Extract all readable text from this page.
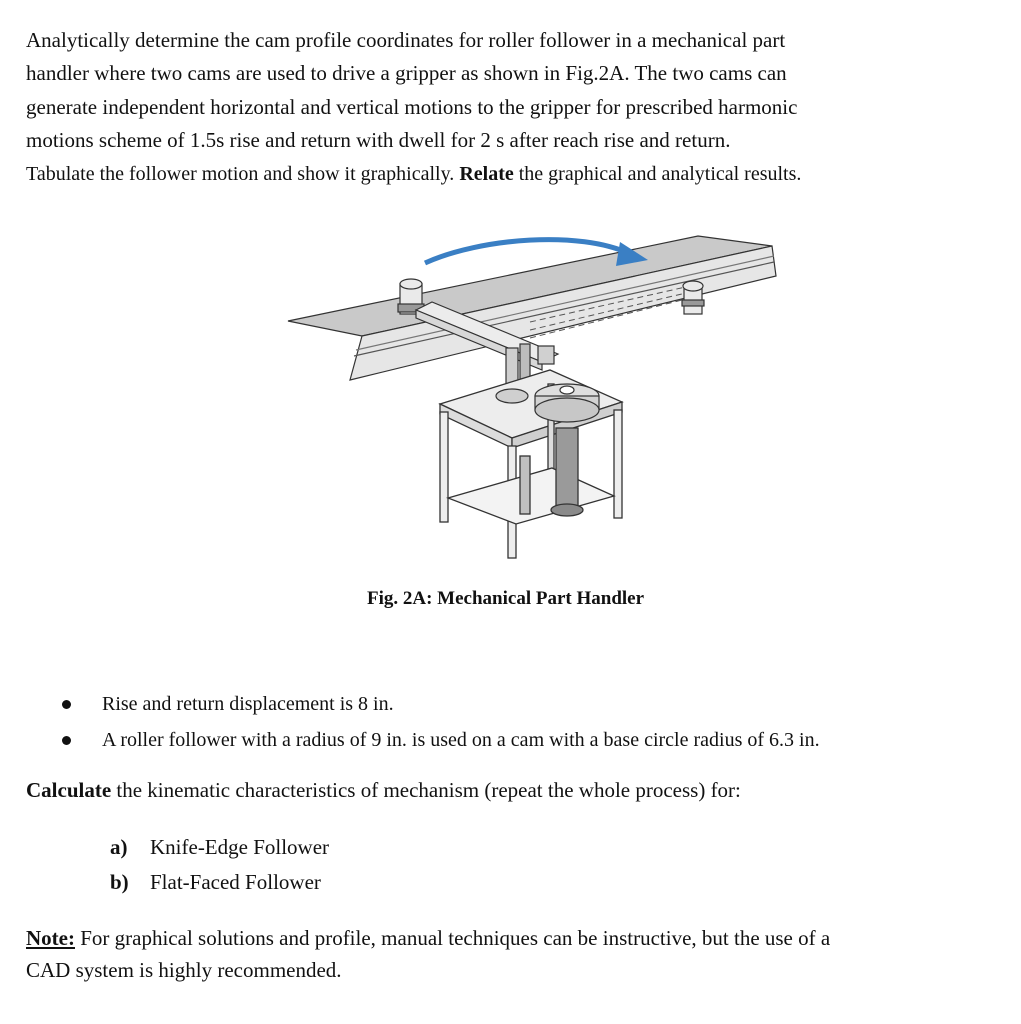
Analytically determine the cam profile coordinates for roller follower in a mechanical part
handler where two cams are used to drive a gripper as shown in Fig.2A. The two cams can
generate independent horizontal and vertical motions to the gripper for prescribed harmonic
motions scheme of 1.5s rise and return with dwell for 2 s after reach rise and return.
Tabulate the follower motion and show it graphically. Relate the graphical and analytical results.
Fig. 2A: Mechanical Part Handler
Rise and return displacement is 8 in.
A roller follower with a radius of 9 in. is used on a cam with a base circle radius of 6.3 in.
Calculate the kinematic characteristics of mechanism (repeat the whole process) for:
a) Knife-Edge Follower
b) Flat-Faced Follower
Note: For graphical solutions and profile, manual techniques can be instructive, but the use of a
CAD system is highly recommended.
